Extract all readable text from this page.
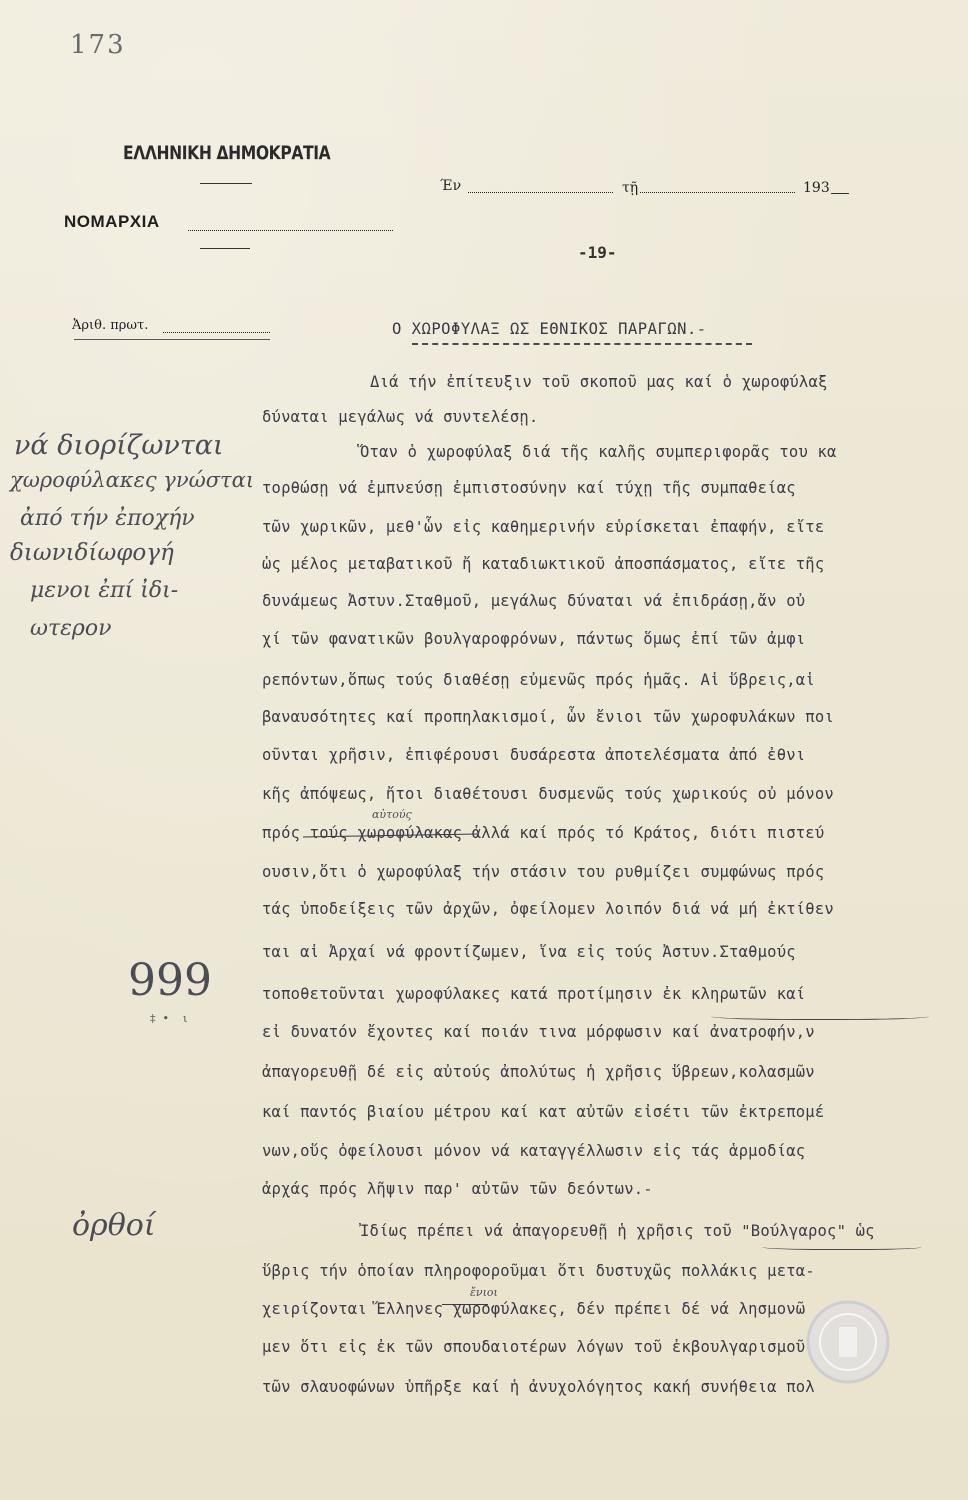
173
ΕΛΛΗΝΙΚΗ ΔΗΜΟΚΡΑΤΙΑ
ΝΟΜΑΡΧΙΑ
Έν	τῇ	193
-19-
Ἀριθ. πρωτ.	Ο ΧΩΡΟΦΥΛΑΞ ΩΣ ΕΘΝΙΚΟΣ ΠΑΡΑΓΩΝ.-
Διά τήν ἐπίτευξιν τοῦ σκοποῦ μας καί ὁ χωροφύλαξ
δύναται μεγάλως νά συντελέσῃ.
Ὅταν ὁ χωροφύλαξ διά τῆς καλῆς συμπεριφορᾶς του κα
τορθώσῃ νά ἐμπνεύσῃ ἐμπιστοσύνην καί τύχῃ τῆς συμπαθείας
τῶν χωρικῶν, μεθ'ὧν εἰς καθημερινήν εὑρίσκεται ἐπαφήν, εἴτε
ὡς μέλος μεταβατικοῦ ἤ καταδιωκτικοῦ ἀποσπάσματος, εἴτε τῆς
δυνάμεως Ἀστυν.Σταθμοῦ, μεγάλως δύναται νά ἐπιδράσῃ,ἄν οὐ
χί τῶν φανατικῶν βουλγαροφρόνων, πάντως ὅμως ἐπί τῶν ἀμφι
ρεπόντων,ὅπως τούς διαθέσῃ εὐμενῶς πρός ἡμᾶς. Αἱ ὕβρεις,αἱ
βαναυσότητες καί προπηλακισμοί, ὧν ἔνιοι τῶν χωροφυλάκων ποι
οῦνται χρῆσιν, ἐπιφέρουσι δυσάρεστα ἀποτελέσματα ἀπό ἐθνι
κῆς ἀπόψεως, ἤτοι διαθέτουσι δυσμενῶς τούς χωρικούς οὐ μόνον
πρός τούς χωροφύλακας ἀλλά καί πρός τό Κράτος, διότι πιστεύ
ουσιν,ὅτι ὁ χωροφύλαξ τήν στάσιν του ρυθμίζει συμφώνως πρός
τάς ὑποδείξεις τῶν ἀρχῶν, ὀφείλομεν λοιπόν διά νά μή ἐκτίθεν
ται αἱ Ἀρχαί νά φροντίζωμεν, ἵνα εἰς τούς Ἀστυν.Σταθμούς
τοποθετοῦνται χωροφύλακες κατά προτίμησιν ἐκ κληρωτῶν καί
εἰ δυνατόν ἔχοντες καί ποιάν τινα μόρφωσιν καί ἀνατροφήν,ν
ἀπαγορευθῇ δέ εἰς αὐτούς ἀπολύτως ἡ χρῆσις ὕβρεων,κολασμῶν
καί παντός βιαίου μέτρου καί κατ αὐτῶν εἰσέτι τῶν ἐκτρεπομέ
νων,οὕς ὀφείλουσι μόνον νά καταγγέλλωσιν εἰς τάς ἁρμοδίας
ἀρχάς πρός λῆψιν παρ' αὐτῶν τῶν δεόντων.-
Ἰδίως πρέπει νά ἀπαγορευθῇ ἡ χρῆσις τοῦ "Βούλγαρος" ὡς
ὕβρις τήν ὁποίαν πληροφοροῦμαι ὅτι δυστυχῶς πολλάκις μετα-
χειρίζονται Ἕλληνες χωροφύλακες, δέν πρέπει δέ νά λησμονῶ
μεν ὅτι εἰς ἐκ τῶν σπουδαιοτέρων λόγων τοῦ ἐκβουλγαρισμοῦ
τῶν σλαυοφώνων ὑπῆρξε καί ἡ ἀνυχολόγητος κακή συνήθεια πολ
αὐτούς
ἔνιοι
νά διορίζωνται
χωροφύλακες γνώσται
ἀπό τήν ἐποχήν
διωνιδίωφογή
μενοι ἐπί ἰδι-
ωτερον
999
‡  •    ι
ὀρθοί
